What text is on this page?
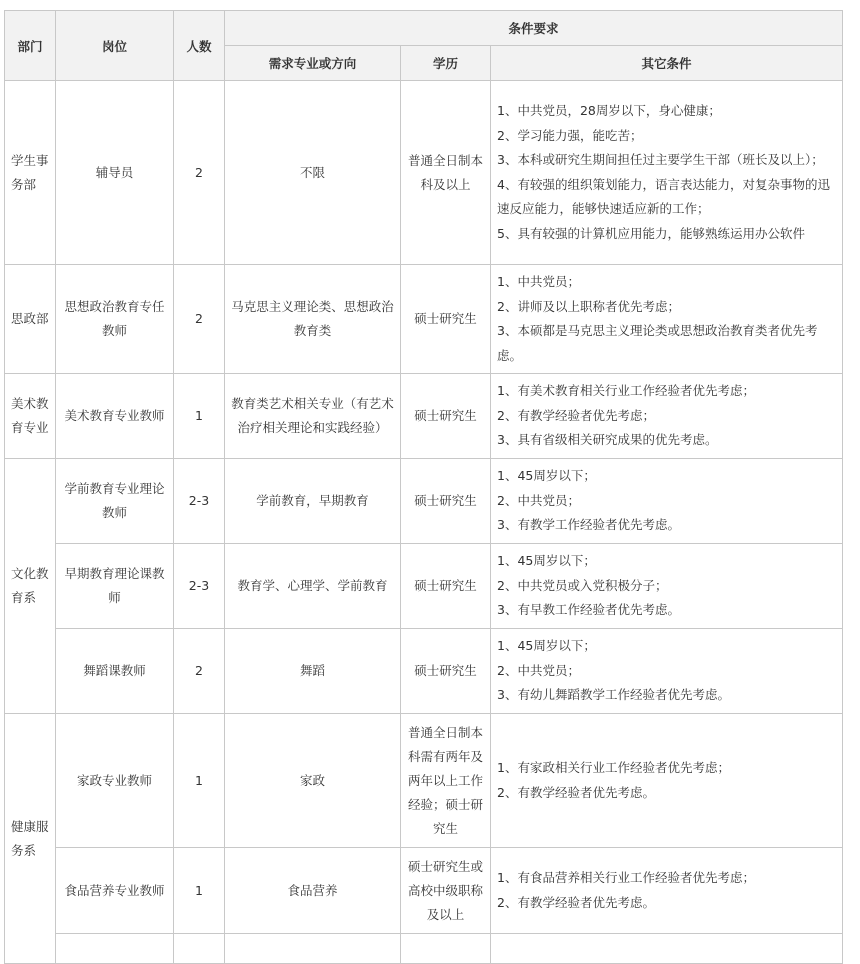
部门	岗位	人数	条件要求		
			需求专业或方向	学历	其它条件
学生事务部	辅导员	2	不限	普通全日制本科及以上	1、中共党员，28周岁以下，身心健康；
2、学习能力强，能吃苦；
3、本科或研究生期间担任过主要学生干部（班长及以上）；
4、有较强的组织策划能力，语言表达能力，对复杂事物的迅速反应能力，能够快速适应新的工作；
5、具有较强的计算机应用能力，能够熟练运用办公软件

思政部	思想政治教育专任教师	2	马克思主义理论类、思想政治教育类	硕士研究生	1、中共党员；
2、讲师及以上职称者优先考虑；
3、本硕都是马克思主义理论类或思想政治教育类者优先考虑。

美术教育专业	美术教育专业教师	1	教育类艺术相关专业（有艺术治疗相关理论和实践经验）	硕士研究生	1、有美术教育相关行业工作经验者优先考虑；
2、有教学经验者优先考虑；
3、具有省级相关研究成果的优先考虑。

文化教育系	学前教育专业理论教师	2-3	学前教育，早期教育	硕士研究生	1、45周岁以下；
2、中共党员；
3、有教学工作经验者优先考虑。

	早期教育理论课教师	2-3	教育学、心理学、学前教育	硕士研究生	1、45周岁以下；
2、中共党员或入党积极分子；
3、有早教工作经验者优先考虑。

	舞蹈课教师	2	舞蹈	硕士研究生	1、45周岁以下；
2、中共党员；
3、有幼儿舞蹈教学工作经验者优先考虑。

健康服务系	家政专业教师	1	家政	普通全日制本科需有两年及两年以上工作经验；硕士研究生	1、有家政相关行业工作经验者优先考虑；
2、有教学经验者优先考虑。

	食品营养专业教师	1	食品营养	硕士研究生或高校中级职称及以上	1、有食品营养相关行业工作经验者优先考虑；
2、有教学经验者优先考虑。
